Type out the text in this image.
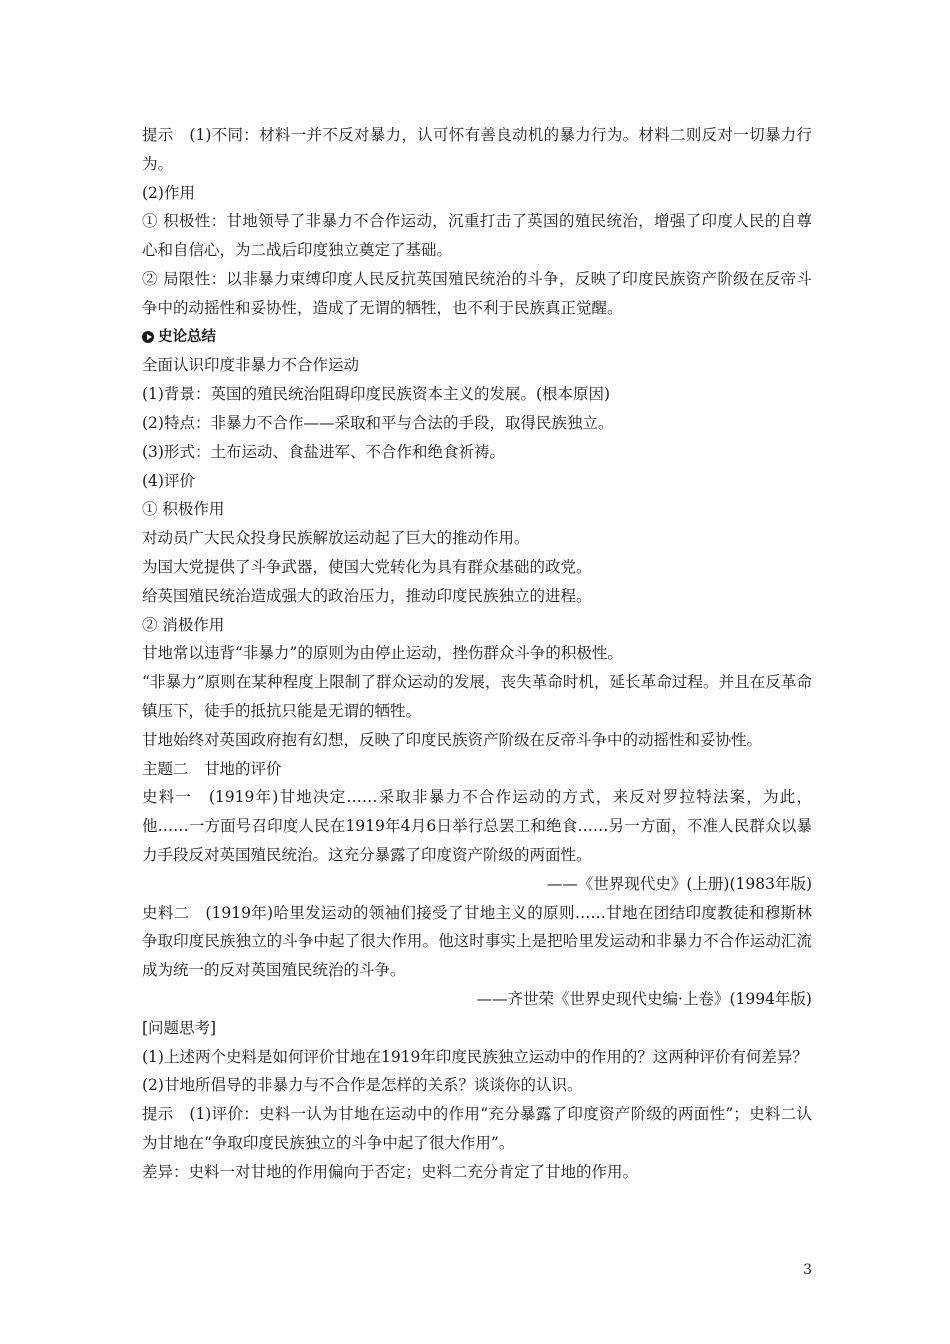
提示　(1)不同：材料一并不反对暴力，认可怀有善良动机的暴力行为。材料二则反对一切暴力行为。
(2)作用
① 积极性：甘地领导了非暴力不合作运动，沉重打击了英国的殖民统治，增强了印度人民的自尊心和自信心，为二战后印度独立奠定了基础。
② 局限性：以非暴力束缚印度人民反抗英国殖民统治的斗争，反映了印度民族资产阶级在反帝斗争中的动摇性和妥协性，造成了无谓的牺牲，也不利于民族真正觉醒。
史论总结
全面认识印度非暴力不合作运动
(1)背景：英国的殖民统治阻碍印度民族资本主义的发展。(根本原因)
(2)特点：非暴力不合作——采取和平与合法的手段，取得民族独立。
(3)形式：土布运动、食盐进军、不合作和绝食祈祷。
(4)评价
① 积极作用
对动员广大民众投身民族解放运动起了巨大的推动作用。
为国大党提供了斗争武器，使国大党转化为具有群众基础的政党。
给英国殖民统治造成强大的政治压力，推动印度民族独立的进程。
② 消极作用
甘地常以违背“非暴力”的原则为由停止运动，挫伤群众斗争的积极性。
“非暴力”原则在某种程度上限制了群众运动的发展，丧失革命时机，延长革命过程。并且在反革命镇压下，徒手的抵抗只能是无谓的牺牲。
甘地始终对英国政府抱有幻想，反映了印度民族资产阶级在反帝斗争中的动摇性和妥协性。
主题二　甘地的评价
史料一　(1919年)甘地决定……采取非暴力不合作运动的方式，来反对罗拉特法案，为此，他……一方面号召印度人民在1919年4月6日举行总罢工和绝食……另一方面，不准人民群众以暴力手段反对英国殖民统治。这充分暴露了印度资产阶级的两面性。
——《世界现代史》(上册)(1983年版)
史料二　(1919年)哈里发运动的领袖们接受了甘地主义的原则……甘地在团结印度教徒和穆斯林争取印度民族独立的斗争中起了很大作用。他这时事实上是把哈里发运动和非暴力不合作运动汇流成为统一的反对英国殖民统治的斗争。
——齐世荣《世界史现代史编·上卷》(1994年版)
[问题思考]
(1)上述两个史料是如何评价甘地在1919年印度民族独立运动中的作用的？这两种评价有何差异？
(2)甘地所倡导的非暴力与不合作是怎样的关系？谈谈你的认识。
提示　(1)评价：史料一认为甘地在运动中的作用“充分暴露了印度资产阶级的两面性”；史料二认为甘地在“争取印度民族独立的斗争中起了很大作用”。
差异：史料一对甘地的作用偏向于否定；史料二充分肯定了甘地的作用。
3
